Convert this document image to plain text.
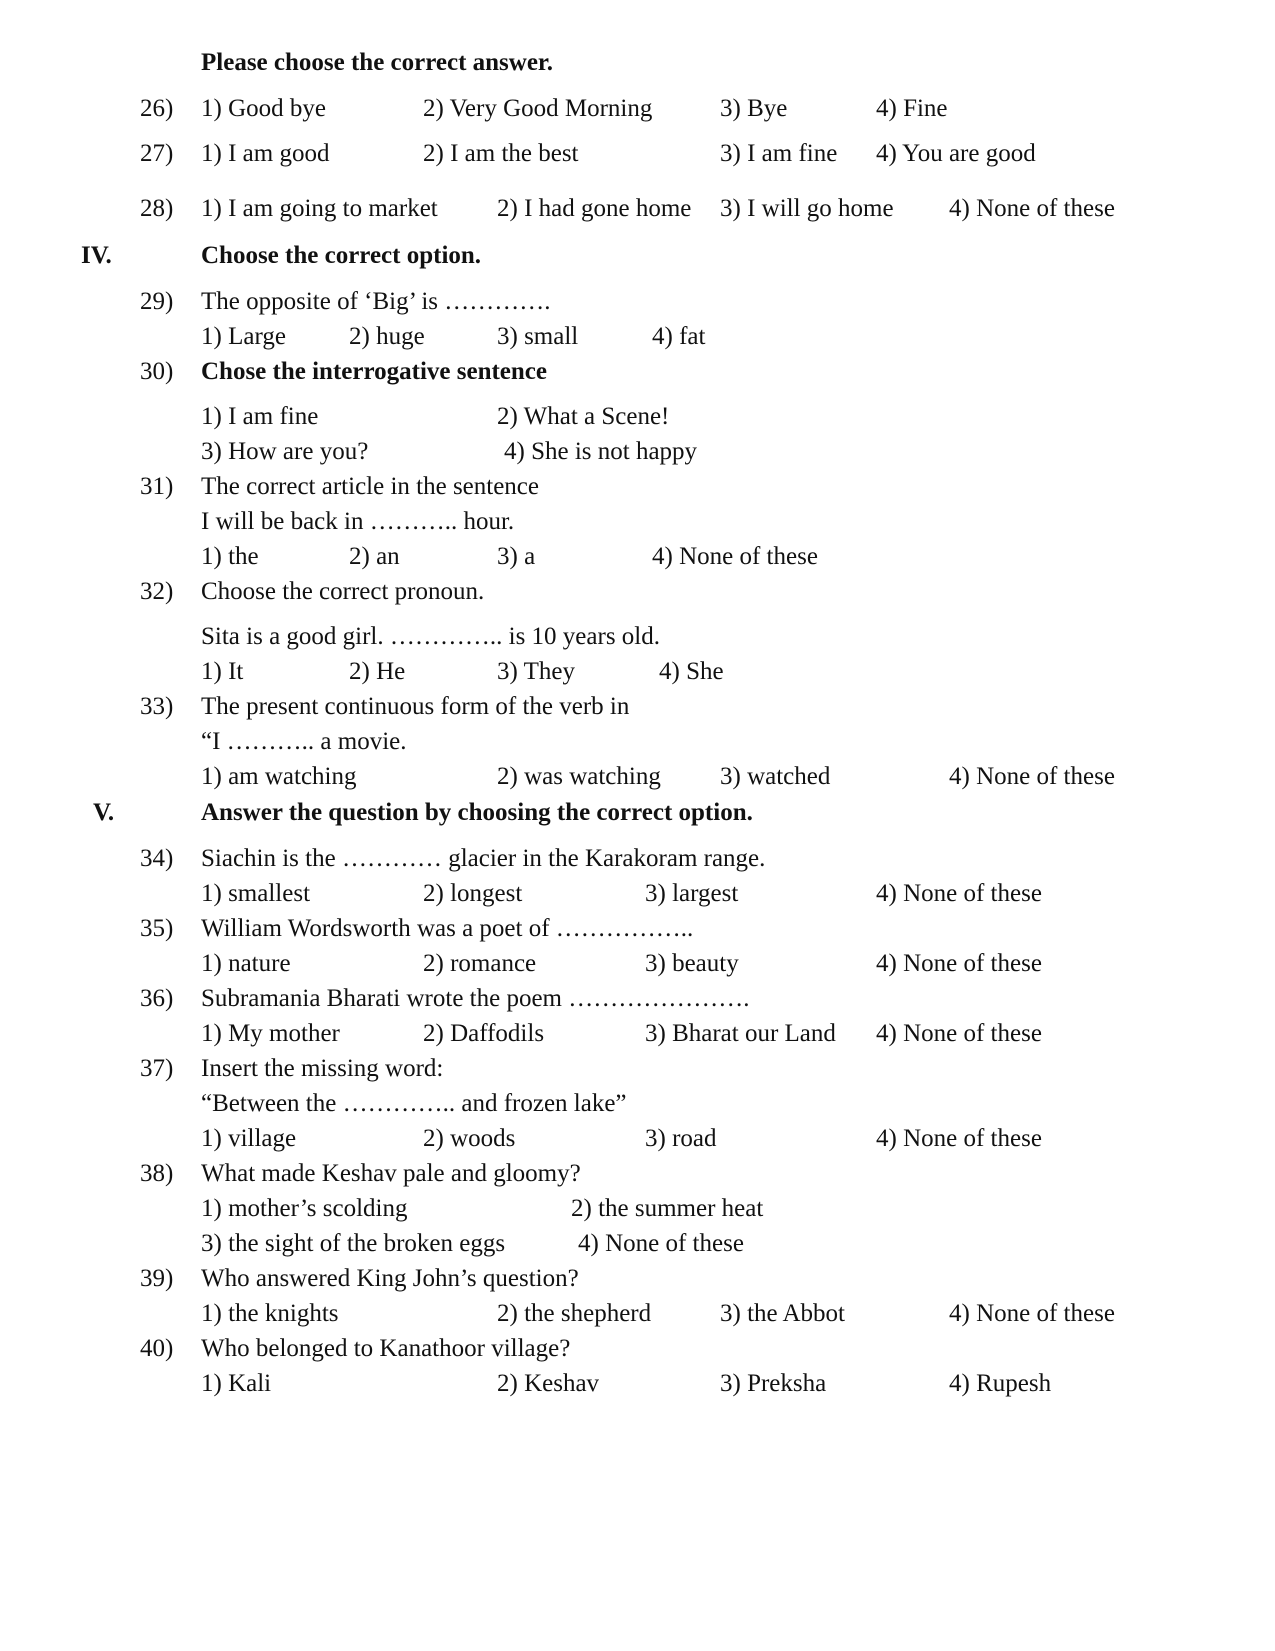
Please choose the correct answer.
26) 1) Good bye	2) Very Good Morning	3) Bye	4) Fine
27) 1) I am good	2) I am the best	3) I am fine 4) You are good
28) 1) I am going to market 2) I had gone home 3) I will go home 4) None of these
IV.	Choose the correct option.
29) The opposite of ‘Big’ is ………….
1) Large	2) huge	3) small	4) fat
30) Chose the interrogative sentence
1) I am fine	2) What a Scene!
3) How are you?	4) She is not happy
31) The correct article in the sentence
I will be back in ……….. hour.
1) the	2) an	3) a	4) None of these
32) Choose the correct pronoun.
Sita is a good girl. ………….. is 10 years old.
1) It	2) He	3) They	4) She
33) The present continuous form of the verb in
“I ……….. a movie.
1) am watching	2) was watching 3) watched	4) None of these
V.	Answer the question by choosing the correct option.
34) Siachin is the ………… glacier in the Karakoram range.
1) smallest	2) longest	3) largest	4) None of these
35) William Wordsworth was a poet of ……………..
1) nature	2) romance	3) beauty	4) None of these
36) Subramania Bharati wrote the poem ………………….
1) My mother	2) Daffodils	3) Bharat our Land 4) None of these
37) Insert the missing word:
“Between the ………….. and frozen lake”
1) village	2) woods	3) road	4) None of these
38) What made Keshav pale and gloomy?
1) mother’s scolding	2) the summer heat
3) the sight of the broken eggs	4) None of these
39) Who answered King John’s question?
1) the knights	2) the shepherd	3) the Abbot	4) None of these
40) Who belonged to Kanathoor village?
1) Kali	2) Keshav	3) Preksha	4) Rupesh
